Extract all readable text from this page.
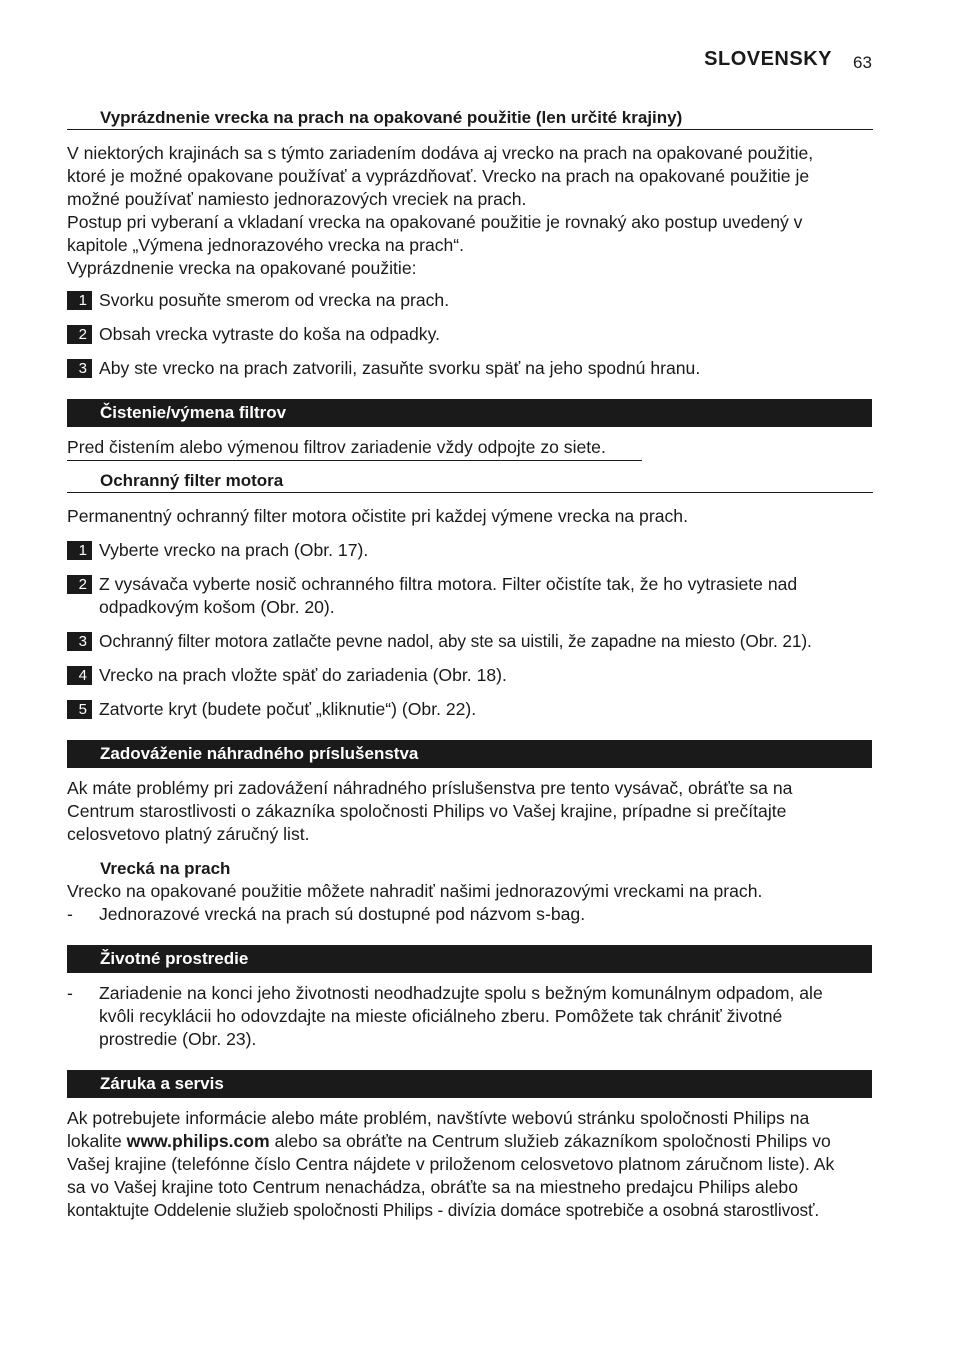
SLOVENSKY 63
Vyprázdnenie vrecka na prach na opakované použitie (len určité krajiny)
V niektorých krajinách sa s týmto zariadením dodáva aj vrecko na prach na opakované použitie,
ktoré je možné opakovane používať a vyprázdňovať. Vrecko na prach na opakované použitie je
možné používať namiesto jednorazových vreciek na prach.
Postup pri vyberaní a vkladaní vrecka na opakované použitie je rovnaký ako postup uvedený v
kapitole „Výmena jednorazového vrecka na prach“.
Vyprázdnenie vrecka na opakované použitie:
1 Svorku posuňte smerom od vrecka na prach.
2 Obsah vrecka vytraste do koša na odpadky.
3 Aby ste vrecko na prach zatvorili, zasuňte svorku späť na jeho spodnú hranu.
Čistenie/výmena filtrov
Pred čistením alebo výmenou filtrov zariadenie vždy odpojte zo siete.
Ochranný filter motora
Permanentný ochranný filter motora očistite pri každej výmene vrecka na prach.
1 Vyberte vrecko na prach (Obr. 17).
2 Z vysávača vyberte nosič ochranného filtra motora. Filter očistíte tak, že ho vytrasiete nad
odpadkovým košom (Obr. 20).
3 Ochranný filter motora zatlačte pevne nadol, aby ste sa uistili, že zapadne na miesto (Obr. 21).
4 Vrecko na prach vložte späť do zariadenia (Obr. 18).
5 Zatvorte kryt (budete počuť „kliknutie“) (Obr. 22).
Zadováženie náhradného príslušenstva
Ak máte problémy pri zadovážení náhradného príslušenstva pre tento vysávač, obráťte sa na
Centrum starostlivosti o zákazníka spoločnosti Philips vo Vašej krajine, prípadne si prečítajte
celosvetovo platný záručný list.
Vrecká na prach
Vrecko na opakované použitie môžete nahradiť našimi jednorazovými vreckami na prach.
- Jednorazové vrecká na prach sú dostupné pod názvom s-bag.
Životné prostredie
- Zariadenie na konci jeho životnosti neodhadzujte spolu s bežným komunálnym odpadom, ale
kvôli recyklácii ho odovzdajte na mieste oficiálneho zberu. Pomôžete tak chrániť životné
prostredie (Obr. 23).
Záruka a servis
Ak potrebujete informácie alebo máte problém, navštívte webovú stránku spoločnosti Philips na
lokalite www.philips.com alebo sa obráťte na Centrum služieb zákazníkom spoločnosti Philips vo
Vašej krajine (telefónne číslo Centra nájdete v priloženom celosvetovo platnom záručnom liste). Ak
sa vo Vašej krajine toto Centrum nenachádza, obráťte sa na miestneho predajcu Philips alebo
kontaktujte Oddelenie služieb spoločnosti Philips - divízia domáce spotrebiče a osobná starostlivosť.
